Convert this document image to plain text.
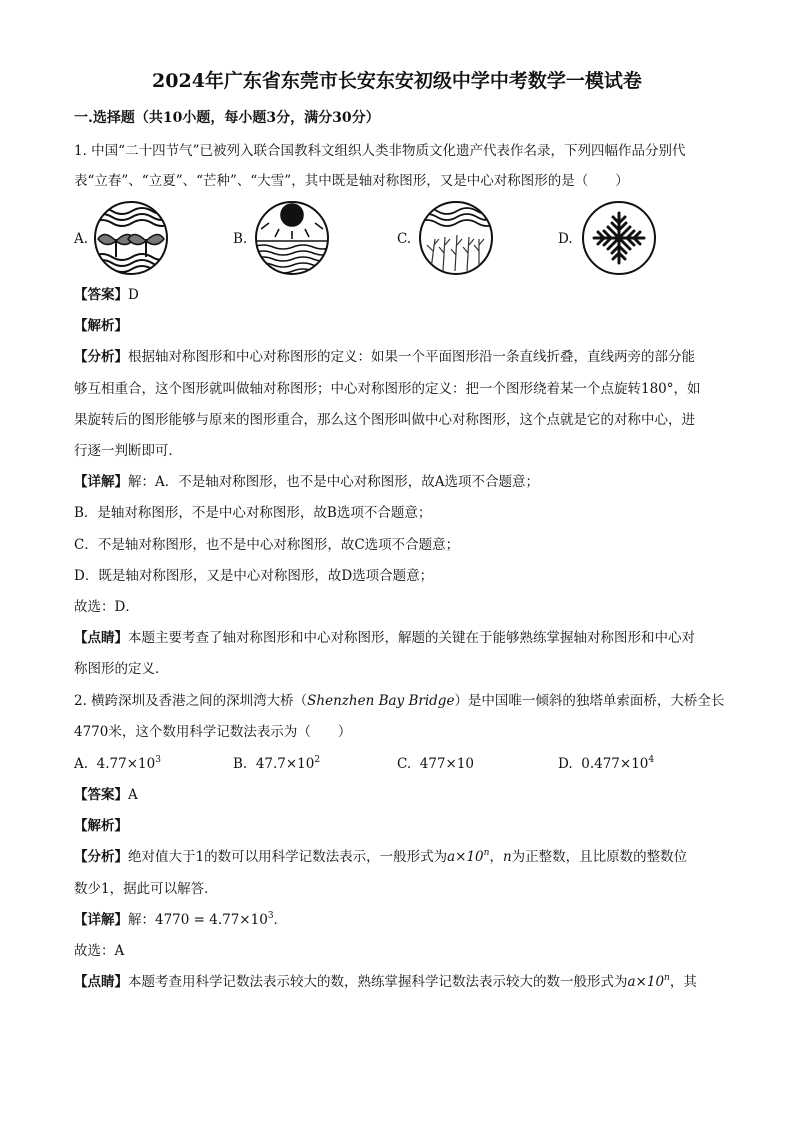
2024年广东省东莞市长安东安初级中学中考数学一模试卷
一.选择题（共10小题，每小题3分，满分30分）
1. 中国“二十四节气”已被列入联合国教科文组织人类非物质文化遗产代表作名录，下列四幅作品分别代
表“立春”、“立夏”、“芒种”、“大雪”，其中既是轴对称图形，又是中心对称图形的是（　　）
A.	B.	C.	D.
【答案】D
【解析】
【分析】根据轴对称图形和中心对称图形的定义：如果一个平面图形沿一条直线折叠，直线两旁的部分能
够互相重合，这个图形就叫做轴对称图形；中心对称图形的定义：把一个图形绕着某一个点旋转180°，如
果旋转后的图形能够与原来的图形重合，那么这个图形叫做中心对称图形，这个点就是它的对称中心，进
行逐一判断即可．
【详解】解：A．不是轴对称图形，也不是中心对称图形，故A选项不合题意；
B．是轴对称图形，不是中心对称图形，故B选项不合题意；
C．不是轴对称图形，也不是中心对称图形，故C选项不合题意；
D．既是轴对称图形，又是中心对称图形，故D选项合题意；
故选：D．
【点睛】本题主要考查了轴对称图形和中心对称图形，解题的关键在于能够熟练掌握轴对称图形和中心对
称图形的定义．
2. 横跨深圳及香港之间的深圳湾大桥（Shenzhen Bay Bridge）是中国唯一倾斜的独塔单索面桥，大桥全长
4770米，这个数用科学记数法表示为（　　）
A. $4.77\times 10^3$	B. $47.7\times 10^2$	C. 477×10	D. $0.477\times 10^4$
【答案】A
【解析】
【分析】绝对值大于1的数可以用科学记数法表示，一般形式为$a\times 10^n$，n为正整数，且比原数的整数位
数少1，据此可以解答．
【详解】解：$4770 = 4.77\times 10^3$．
故选：A
【点睛】本题考查用科学记数法表示较大的数，熟练掌握科学记数法表示较大的数一般形式为$a\times 10^n$，其
